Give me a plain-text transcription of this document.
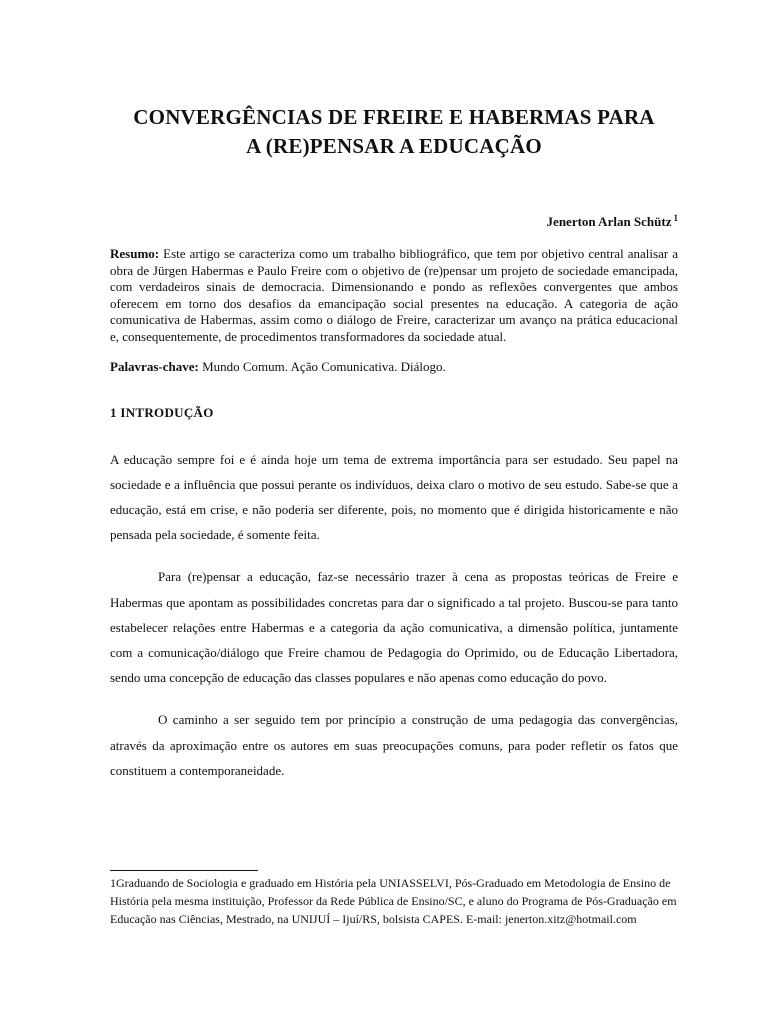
CONVERGÊNCIAS DE FREIRE E HABERMAS PARA
A (RE)PENSAR A EDUCAÇÃO
Jenerton Arlan Schütz $^1$

Resumo: Este artigo se caracteriza como um trabalho bibliográfico, que tem por objetivo central analisar a obra de Jürgen Habermas e Paulo Freire com o objetivo de (re)pensar um projeto de sociedade emancipada, com verdadeiros sinais de democracia. Dimensionando e pondo as reflexões convergentes que ambos oferecem em torno dos desafios da emancipação social presentes na educação. A categoria de ação comunicativa de Habermas, assim como o diálogo de Freire, caracterizar um avanço na prática educacional e, consequentemente, de procedimentos transformadores da sociedade atual.

Palavras-chave: Mundo Comum. Ação Comunicativa. Diálogo.

1 INTRODUÇÃO

A educação sempre foi e é ainda hoje um tema de extrema importância para ser estudado. Seu papel na sociedade e a influência que possui perante os indivíduos, deixa claro o motivo de seu estudo. Sabe-se que a educação, está em crise, e não poderia ser diferente, pois, no momento que é dirigida historicamente e não pensada pela sociedade, é somente feita.

Para (re)pensar a educação, faz-se necessário trazer à cena as propostas teóricas de Freire e Habermas que apontam as possibilidades concretas para dar o significado a tal projeto. Buscou-se para tanto estabelecer relações entre Habermas e a categoria da ação comunicativa, a dimensão política, juntamente com a comunicação/diálogo que Freire chamou de Pedagogia do Oprimido, ou de Educação Libertadora, sendo uma concepção de educação das classes populares e não apenas como educação do povo.

O caminho a ser seguido tem por princípio a construção de uma pedagogia das convergências, através da aproximação entre os autores em suas preocupações comuns, para poder refletir os fatos que constituem a contemporaneidade.

1Graduando de Sociologia e graduado em História pela UNIASSELVI, Pós-Graduado em Metodologia de Ensino de História pela mesma instituição, Professor da Rede Pública de Ensino/SC, e aluno do Programa de Pós-Graduação em Educação nas Ciências, Mestrado, na UNIJUÍ – Ijuí/RS, bolsista CAPES. E-mail: jenerton.xitz@hotmail.com
